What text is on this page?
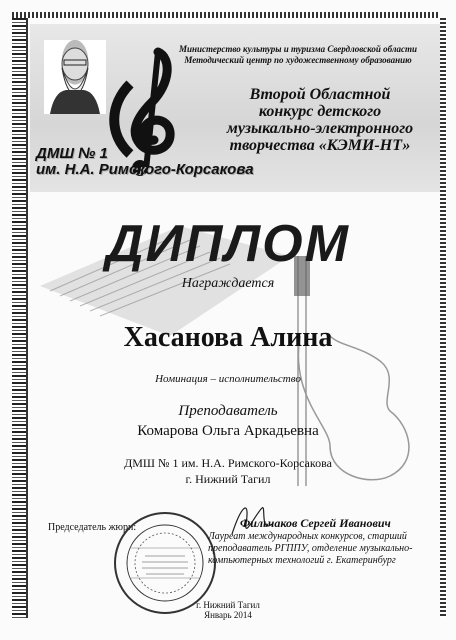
Министерство культуры и туризма Свердловской области
Методический центр по художественному образованию
Второй Областной
конкурс детского
музыкально-электронного
творчества «КЭМИ-НТ»
ДМШ № 1
им. Н.А. Римского-Корсакова
ДИПЛОМ
Награждается
Хасанова Алина
Номинация – исполнительство
Преподаватель
Комарова Ольга Аркадьевна
ДМШ № 1 им. Н.А. Римского-Корсакова
г. Нижний Тагил
Председатель жюри:	Фильчаков Сергей Иванович
Лауреат международных конкурсов, старший преподаватель РГППУ, отделение музыкально-компьютерных технологий г. Екатеринбург
г. Нижний Тагил
Январь 2014
